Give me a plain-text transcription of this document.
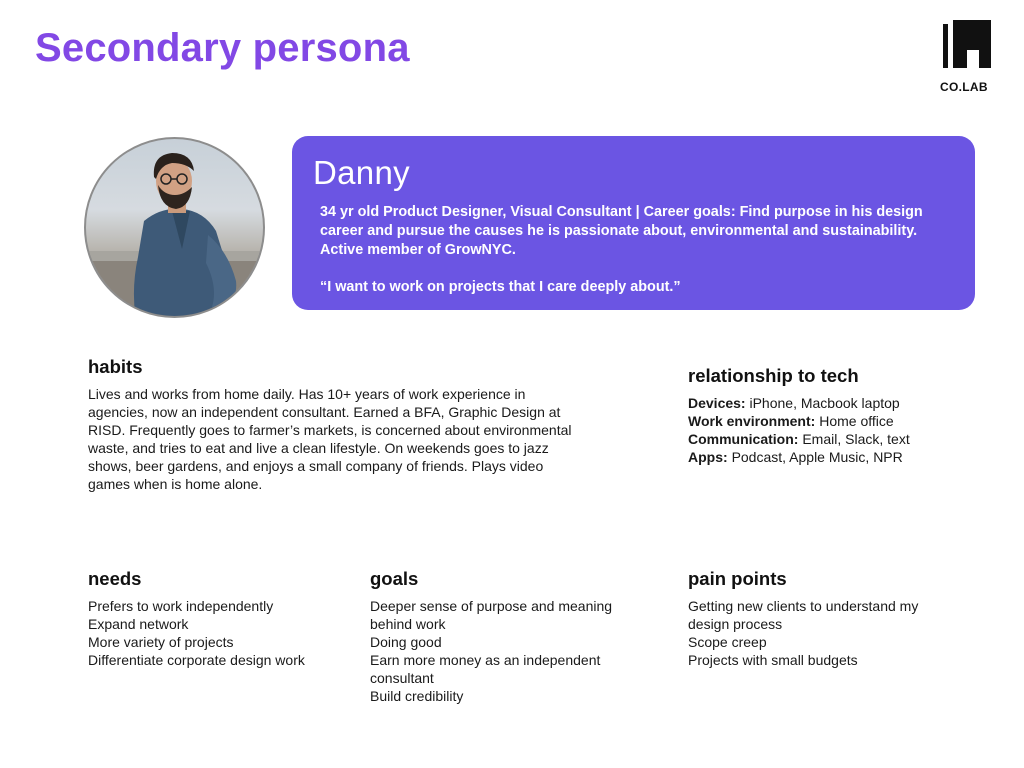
Secondary persona
CO.LAB
Danny

34 yr old Product Designer, Visual Consultant | Career goals: Find purpose in his design career and pursue the causes he is passionate about, environmental and sustainability. Active member of GrowNYC.

“I want to work on projects that I care deeply about.”

habits

Lives and works from home daily. Has 10+ years of work experience in agencies, now an independent consultant. Earned a BFA, Graphic Design at RISD. Frequently goes to farmer’s markets, is concerned about environmental waste, and tries to eat and live a clean lifestyle. On weekends goes to jazz shows, beer gardens, and enjoys a small company of friends. Plays video games when is home alone.

relationship to tech
Devices: iPhone, Macbook laptop
Work environment: Home office
Communication: Email, Slack, text
Apps: Podcast, Apple Music, NPR
needs
Prefers to work independently
Expand network
More variety of projects
Differentiate corporate design work
goals
Deeper sense of purpose and meaning behind work
Doing good
Earn more money as an independent consultant
Build credibility
pain points
Getting new clients to understand my design process
Scope creep
Projects with small budgets
